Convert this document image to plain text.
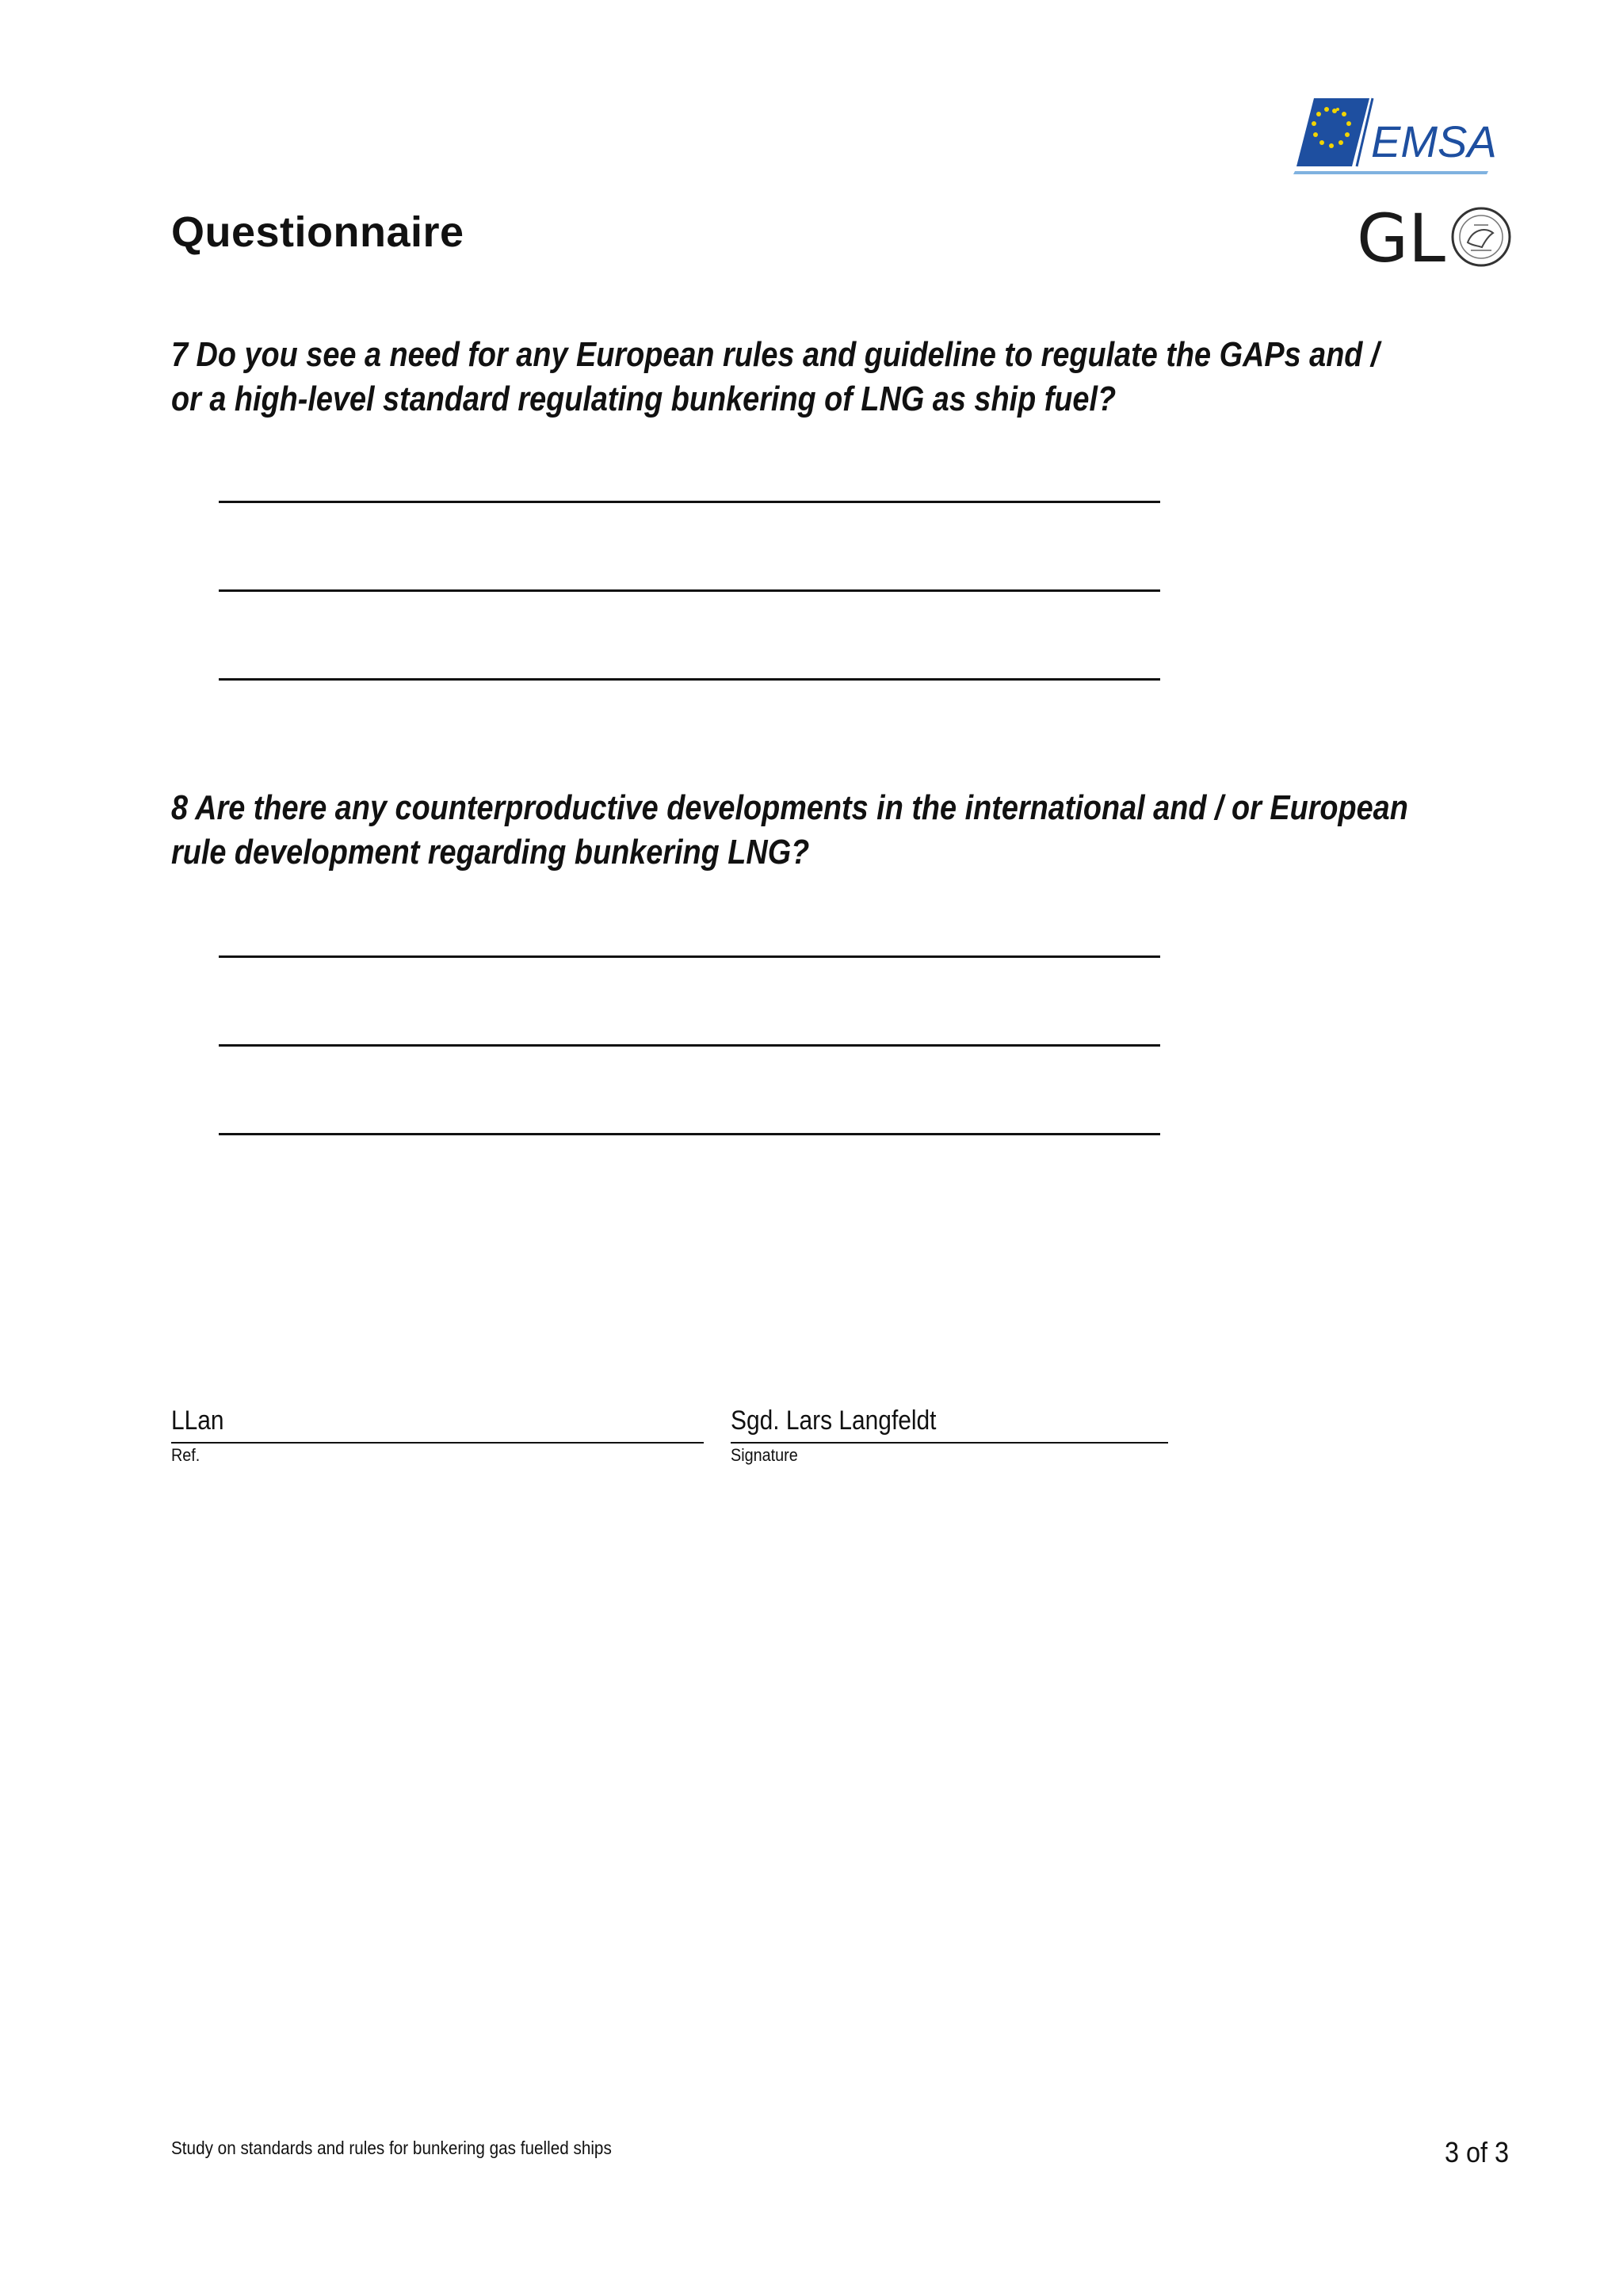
Questionnaire
EMSA
GL
7 Do you see a need for any European rules and guideline to regulate the GAPs and / or a high-level standard regulating bunkering of LNG as ship fuel?
8 Are there any counterproductive developments in the international and / or European rule development regarding bunkering LNG?
LLan
Ref.
Sgd. Lars Langfeldt
Signature
Study on standards and rules for bunkering gas fuelled ships	3 of 3
